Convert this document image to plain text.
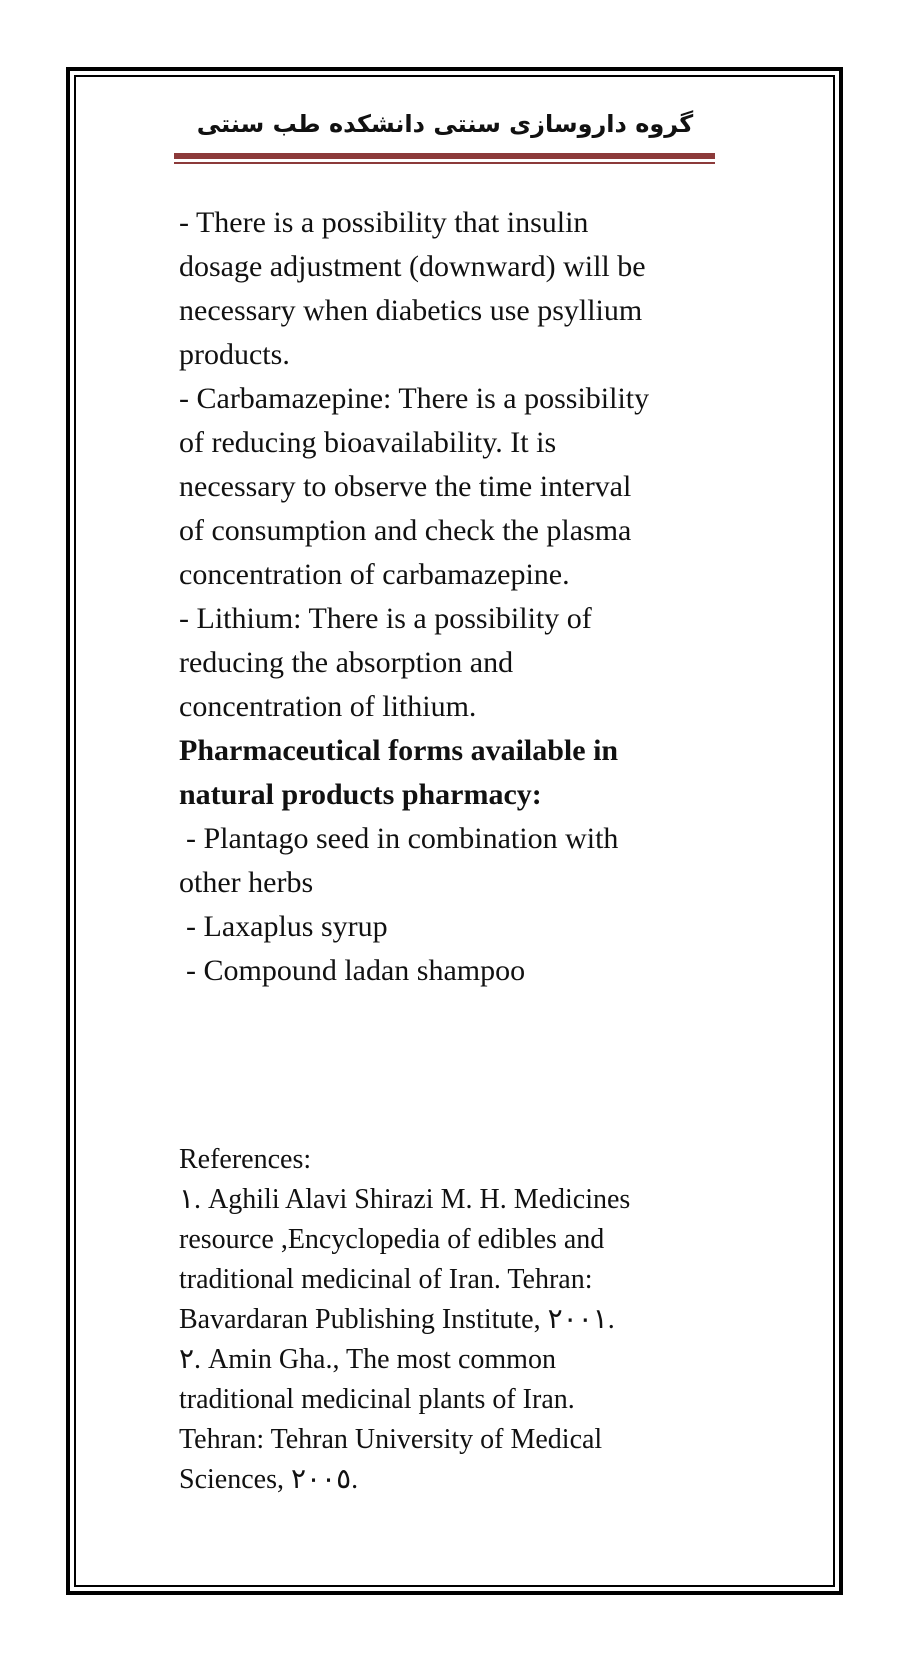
گروه داروسازی سنتی دانشکده طب سنتی

- There is a possibility that insulin

dosage adjustment (downward) will be

necessary when diabetics use psyllium

products.

- Carbamazepine: There is a possibility

of reducing bioavailability. It is

necessary to observe the time interval

of consumption and check the plasma

concentration of carbamazepine.

- Lithium: There is a possibility of

reducing the absorption and

concentration of lithium.

Pharmaceutical forms available in

natural products pharmacy:

- Plantago seed in combination with

other herbs

- Laxaplus syrup

- Compound ladan shampoo

References:

١. Aghili Alavi Shirazi M. H. Medicines

resource ,Encyclopedia of edibles and

traditional medicinal of Iran. Tehran:

Bavardaran Publishing Institute, ٢٠٠١.

٢. Amin Gha., The most common

traditional medicinal plants of Iran.

Tehran: Tehran University of Medical

Sciences, ٢٠٠٥.
